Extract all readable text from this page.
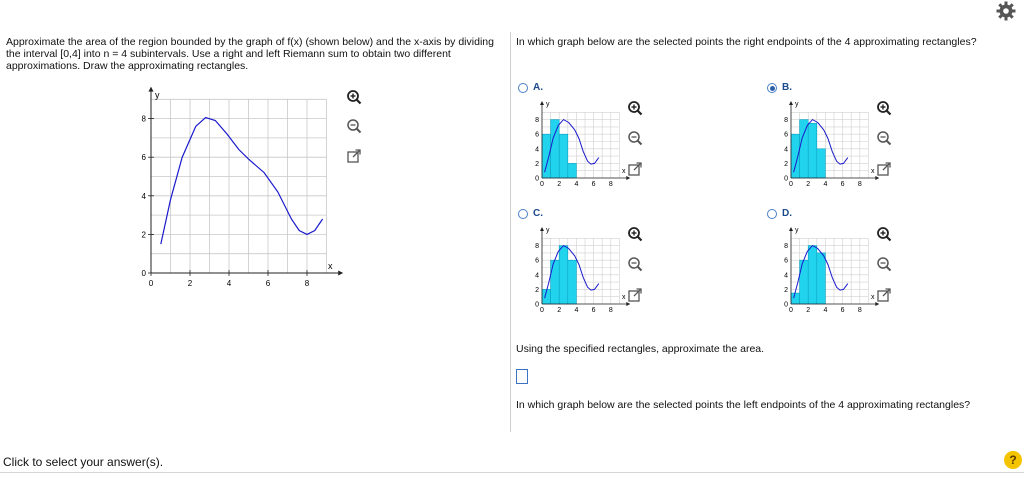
Approximate the area of the region bounded by the graph of f(x) (shown below) and the x-axis by dividing the interval [0,4] into n = 4 subintervals. Use a right and left Riemann sum to obtain two different approximations. Draw the approximating rectangles.
y
x
0
2
4
6
8
0	2	4	6	8
In which graph below are the selected points the right endpoints of the 4 approximating rectangles?
A.	B.
C.	D.
y
x
0
2
4
6
8
0 2 4 6 8
y
x
0
2
4
6
8
0 2 4 6 8
y
x
0
2
4
6
8
0 2 4 6 8
y
x
0
2
4
6
8
0 2 4 6 8
Using the specified rectangles, approximate the area.
In which graph below are the selected points the left endpoints of the 4 approximating rectangles?
Click to select your answer(s).	?
